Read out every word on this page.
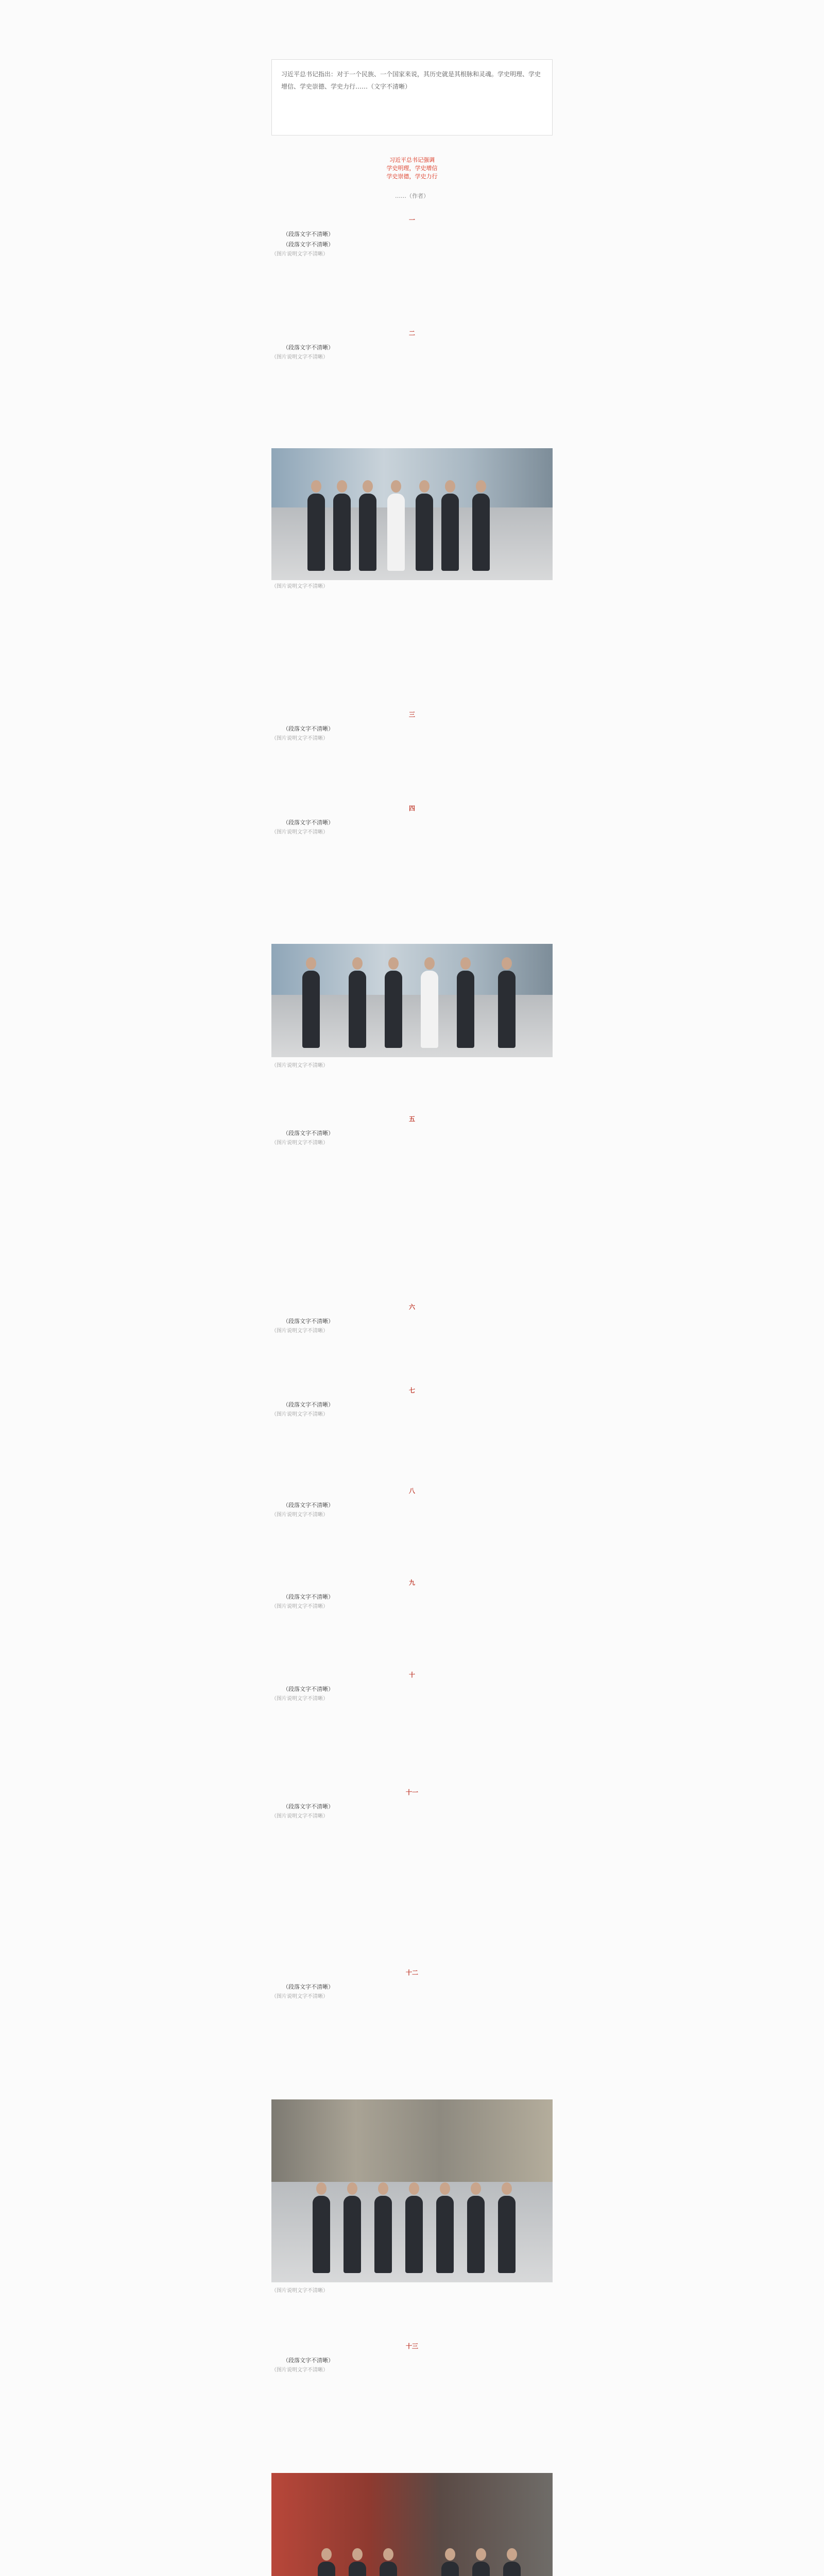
习近平总书记指出：对于一个民族、一个国家来说，其历史就是其根脉和灵魂。学史明理、学史增信、学史崇德、学史力行……（文字不清晰）
习近平总书记强调
学史明理，学史增信
学史崇德，学史力行
……（作者）
一

（段落文字不清晰）

（段落文字不清晰）

（图片说明文字不清晰）

二

（段落文字不清晰）

（图片说明文字不清晰）

（图片说明文字不清晰）

三

（段落文字不清晰）

（图片说明文字不清晰）

四

（段落文字不清晰）

（图片说明文字不清晰）

（图片说明文字不清晰）

五

（段落文字不清晰）

（图片说明文字不清晰）

六

（段落文字不清晰）

（图片说明文字不清晰）

七

（段落文字不清晰）

（图片说明文字不清晰）

八

（段落文字不清晰）

（图片说明文字不清晰）

九

（段落文字不清晰）

（图片说明文字不清晰）

十

（段落文字不清晰）

（图片说明文字不清晰）

十一

（段落文字不清晰）

（图片说明文字不清晰）

十二

（段落文字不清晰）

（图片说明文字不清晰）

（图片说明文字不清晰）

十三

（段落文字不清晰）

（图片说明文字不清晰）
